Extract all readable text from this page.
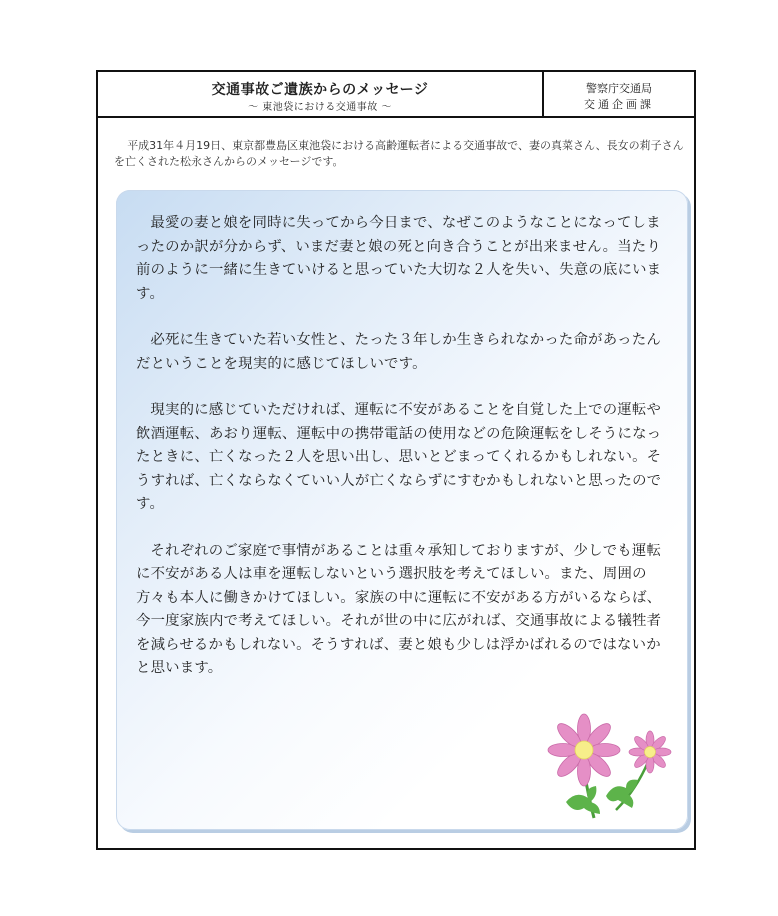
交通事故ご遺族からのメッセージ
～ 東池袋における交通事故 ～
警察庁交通局
交通企画課
平成31年４月19日、東京都豊島区東池袋における高齢運転者による交通事故で、妻の真菜さん、長女の莉子さんを亡くされた松永さんからのメッセージです。

最愛の妻と娘を同時に失ってから今日まで、なぜこのようなことになってしまったのか訳が分からず、いまだ妻と娘の死と向き合うことが出来ません。当たり前のように一緒に生きていけると思っていた大切な２人を失い、失意の底にいます。

必死に生きていた若い女性と、たった３年しか生きられなかった命があったんだということを現実的に感じてほしいです。

現実的に感じていただければ、運転に不安があることを自覚した上での運転や飲酒運転、あおり運転、運転中の携帯電話の使用などの危険運転をしそうになったときに、亡くなった２人を思い出し、思いとどまってくれるかもしれない。そうすれば、亡くならなくていい人が亡くならずにすむかもしれないと思ったのです。

それぞれのご家庭で事情があることは重々承知しておりますが、少しでも運転に不安がある人は車を運転しないという選択肢を考えてほしい。また、周囲の方々も本人に働きかけてほしい。家族の中に運転に不安がある方がいるならば、今一度家族内で考えてほしい。それが世の中に広がれば、交通事故による犠牲者を減らせるかもしれない。そうすれば、妻と娘も少しは浮かばれるのではないかと思います。
